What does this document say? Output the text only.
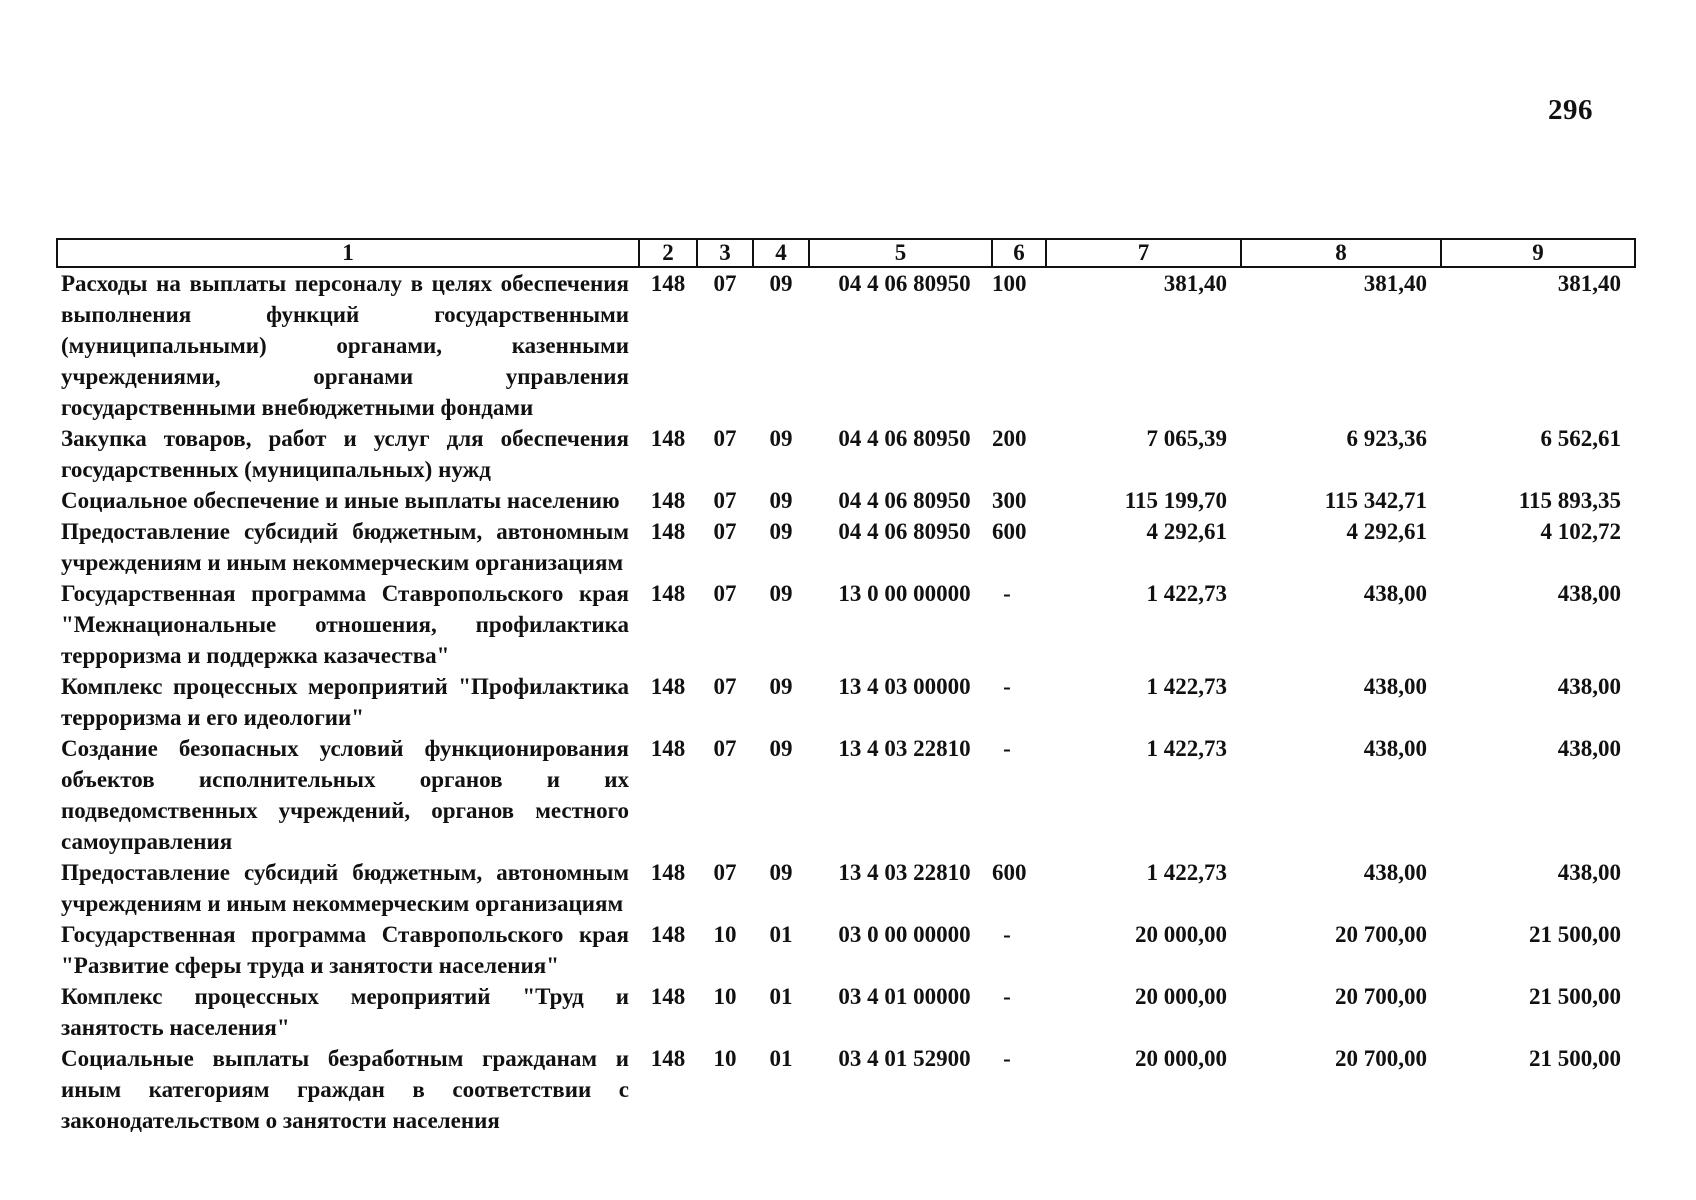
296
1	2	3	4	5	6	7	8	9
Расходы на выплаты персоналу в целях обеспечения выполнения функций государственными (муниципальными) органами, казенными учреждениями, органами управления государственными внебюджетными фондами	148	07	09	04 4 06 80950	100	381,40	381,40	381,40
Закупка товаров, работ и услуг для обеспечения государственных (муниципальных) нужд	148	07	09	04 4 06 80950	200	7 065,39	6 923,36	6 562,61
Социальное обеспечение и иные выплаты населению	148	07	09	04 4 06 80950	300	115 199,70	115 342,71	115 893,35
Предоставление субсидий бюджетным, автономным учреждениям и иным некоммерческим организациям	148	07	09	04 4 06 80950	600	4 292,61	4 292,61	4 102,72
Государственная программа Ставропольского края "Межнациональные отношения, профилактика терроризма и поддержка казачества"	148	07	09	13 0 00 00000	-	1 422,73	438,00	438,00
Комплекс процессных мероприятий "Профилактика терроризма и его идеологии"	148	07	09	13 4 03 00000	-	1 422,73	438,00	438,00
Создание безопасных условий функционирования объектов исполнительных органов и их подведомственных учреждений, органов местного самоуправления	148	07	09	13 4 03 22810	-	1 422,73	438,00	438,00
Предоставление субсидий бюджетным, автономным учреждениям и иным некоммерческим организациям	148	07	09	13 4 03 22810	600	1 422,73	438,00	438,00
Государственная программа Ставропольского края "Развитие сферы труда и занятости населения"	148	10	01	03 0 00 00000	-	20 000,00	20 700,00	21 500,00
Комплекс процессных мероприятий "Труд и занятость населения"	148	10	01	03 4 01 00000	-	20 000,00	20 700,00	21 500,00
Социальные выплаты безработным гражданам и иным категориям граждан в соответствии с законодательством о занятости населения	148	10	01	03 4 01 52900	-	20 000,00	20 700,00	21 500,00
